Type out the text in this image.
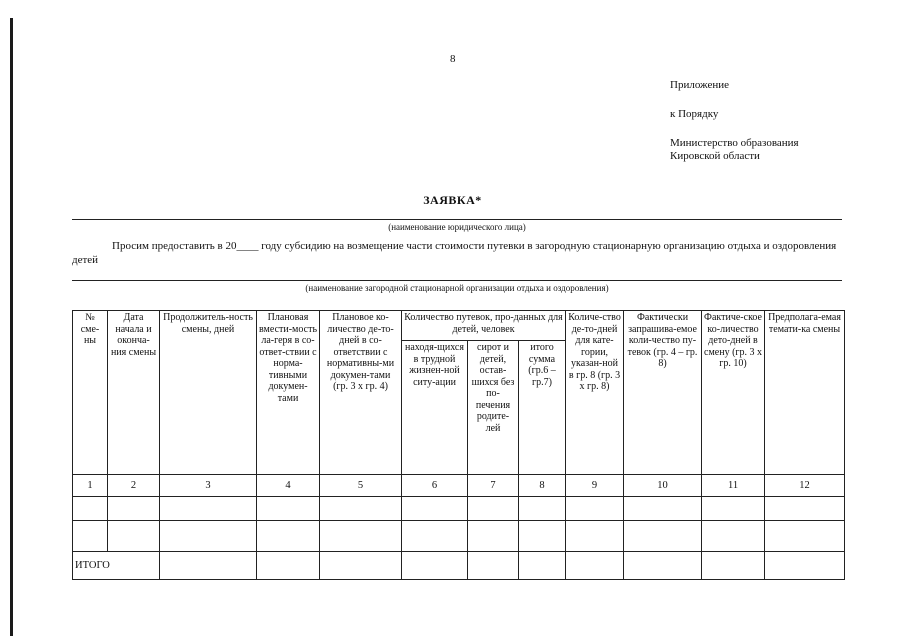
8
Приложение
к Порядку
Министерство образования
Кировской области
ЗАЯВКА*
(наименование юридического лица)
Просим предоставить в 20____ году субсидию на возмещение части стоимости путевки в загородную стационарную организацию отдыха и оздоровления детей
(наименование загородной стационарной организации отдыха и оздоровления)
№ сме-ны	Дата начала и оконча-ния смены	Продолжитель-ность смены, дней	Плановая вмести-мость ла-геря в со-ответ-ствии с норма-тивными докумен-тами	Плановое ко-личество де-то-дней в со-ответствии с нормативны-ми докумен-тами (гр. 3 х гр. 4)	Количество путевок, про-данных для детей, человек			Количе-ство де-то-дней для кате-гории, указан-ной в гр. 8 (гр. 3 х гр. 8)	Фактически запрашива-емое коли-чество пу-тевок (гр. 4 – гр. 8)	Фактиче-ское ко-личество дето-дней в смену (гр. 3 х гр. 10)	Предполага-емая темати-ка смены
					находя-щихся в трудной жизнен-ной ситу-ации	сирот и детей, остав-шихся без по-печения родите-лей	итого сумма (гр.6 – гр.7)				
1	2	3	4	5	6	7	8	9	10	11	12

ИТОГО											
